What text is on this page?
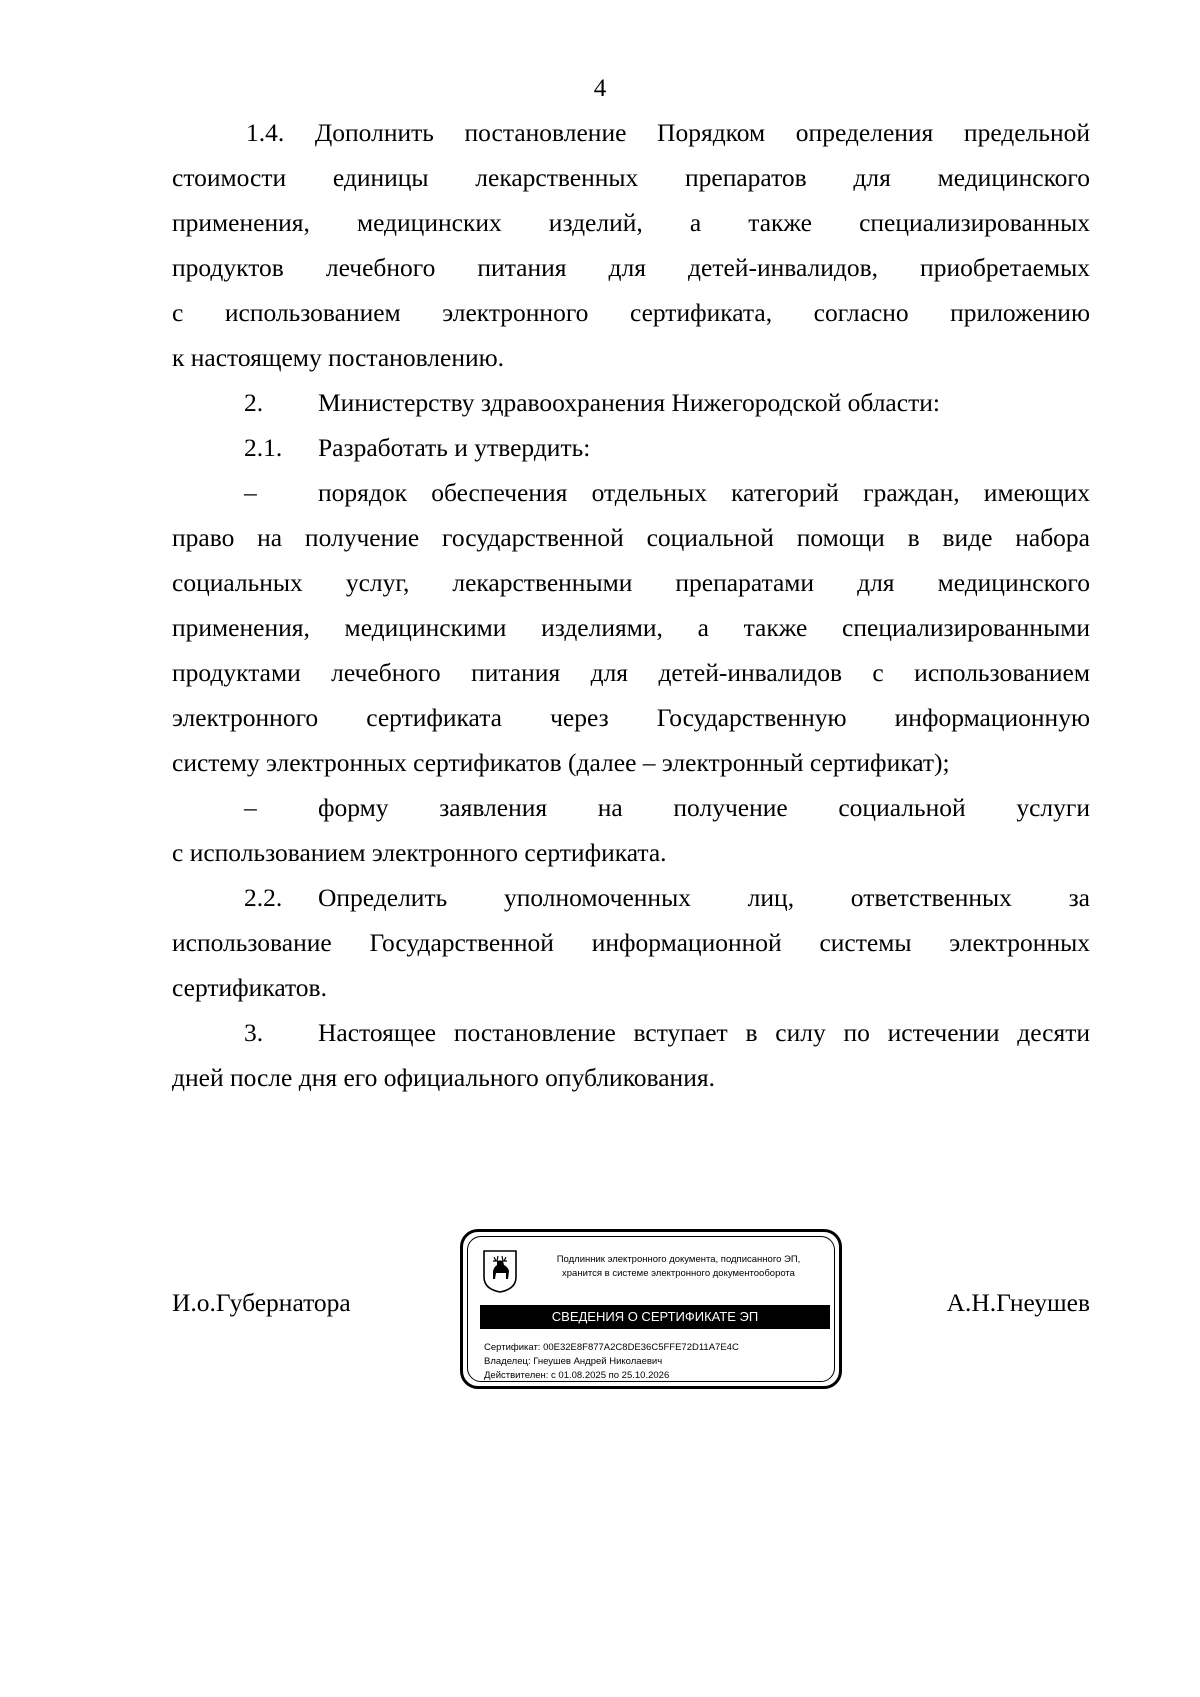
4
1.4. Дополнить постановление Порядком определения предельной
стоимости единицы лекарственных препаратов для медицинского
применения, медицинских изделий, а также специализированных
продуктов лечебного питания для детей-инвалидов, приобретаемых
с использованием электронного сертификата, согласно приложению
к настоящему постановлению.
2. Министерству здравоохранения Нижегородской области:
2.1. Разработать и утвердить:
– порядок обеспечения отдельных категорий граждан, имеющих
право на получение государственной социальной помощи в виде набора
социальных услуг, лекарственными препаратами для медицинского
применения, медицинскими изделиями, а также специализированными
продуктами лечебного питания для детей-инвалидов с использованием
электронного сертификата через Государственную информационную
систему электронных сертификатов (далее – электронный сертификат);
– форму заявления на получение социальной услуги
с использованием электронного сертификата.
2.2. Определить уполномоченных лиц, ответственных за
использование Государственной информационной системы электронных
сертификатов.
3. Настоящее постановление вступает в силу по истечении десяти
дней после дня его официального опубликования.
И.о.Губернатора	А.Н.Гнеушев
Подлинник электронного документа, подписанного ЭП,
хранится в системе электронного документооборота
СВЕДЕНИЯ О СЕРТИФИКАТЕ ЭП
Сертификат: 00E32E8F877A2C8DE36C5FFE72D11A7E4C
Владелец: Гнеушев Андрей Николаевич
Действителен: с 01.08.2025 по 25.10.2026
